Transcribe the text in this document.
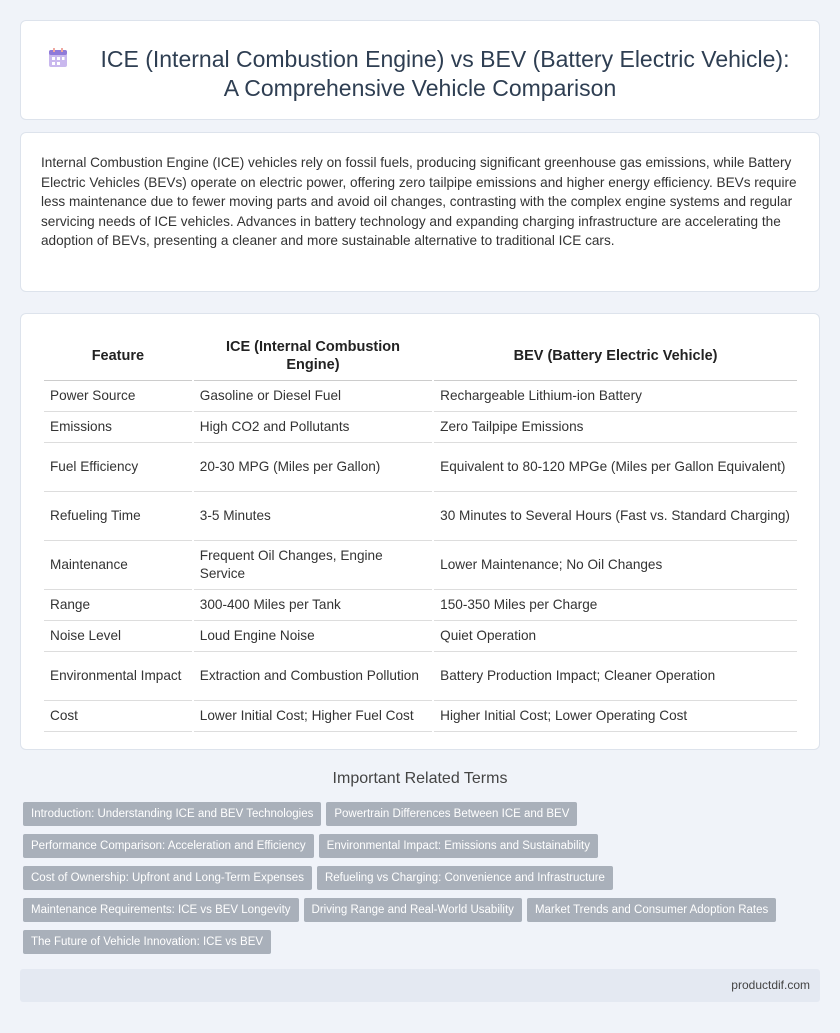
ICE (Internal Combustion Engine) vs BEV (Battery Electric Vehicle):
A Comprehensive Vehicle Comparison

Internal Combustion Engine (ICE) vehicles rely on fossil fuels, producing significant greenhouse gas emissions, while Battery Electric Vehicles (BEVs) operate on electric power, offering zero tailpipe emissions and higher energy efficiency. BEVs require less maintenance due to fewer moving parts and avoid oil changes, contrasting with the complex engine systems and regular servicing needs of ICE vehicles. Advances in battery technology and expanding charging infrastructure are accelerating the adoption of BEVs, presenting a cleaner and more sustainable alternative to traditional ICE cars.

Feature	ICE (Internal Combustion Engine)	BEV (Battery Electric Vehicle)
Power Source	Gasoline or Diesel Fuel	Rechargeable Lithium-ion Battery
Emissions	High CO2 and Pollutants	Zero Tailpipe Emissions
Fuel Efficiency	20-30 MPG (Miles per Gallon)	Equivalent to 80-120 MPGe (Miles per Gallon Equivalent)
Refueling Time	3-5 Minutes	30 Minutes to Several Hours (Fast vs. Standard Charging)
Maintenance	Frequent Oil Changes, Engine Service	Lower Maintenance; No Oil Changes
Range	300-400 Miles per Tank	150-350 Miles per Charge
Noise Level	Loud Engine Noise	Quiet Operation
Environmental Impact	Extraction and Combustion Pollution	Battery Production Impact; Cleaner Operation
Cost	Lower Initial Cost; Higher Fuel Cost	Higher Initial Cost; Lower Operating Cost
Important Related Terms
Introduction: Understanding ICE and BEV Technologies Powertrain Differences Between ICE and BEV
Performance Comparison: Acceleration and Efficiency Environmental Impact: Emissions and Sustainability
Cost of Ownership: Upfront and Long-Term Expenses Refueling vs Charging: Convenience and Infrastructure
Maintenance Requirements: ICE vs BEV Longevity Driving Range and Real-World Usability Market Trends and Consumer Adoption Rates
The Future of Vehicle Innovation: ICE vs BEV
productdif.com
